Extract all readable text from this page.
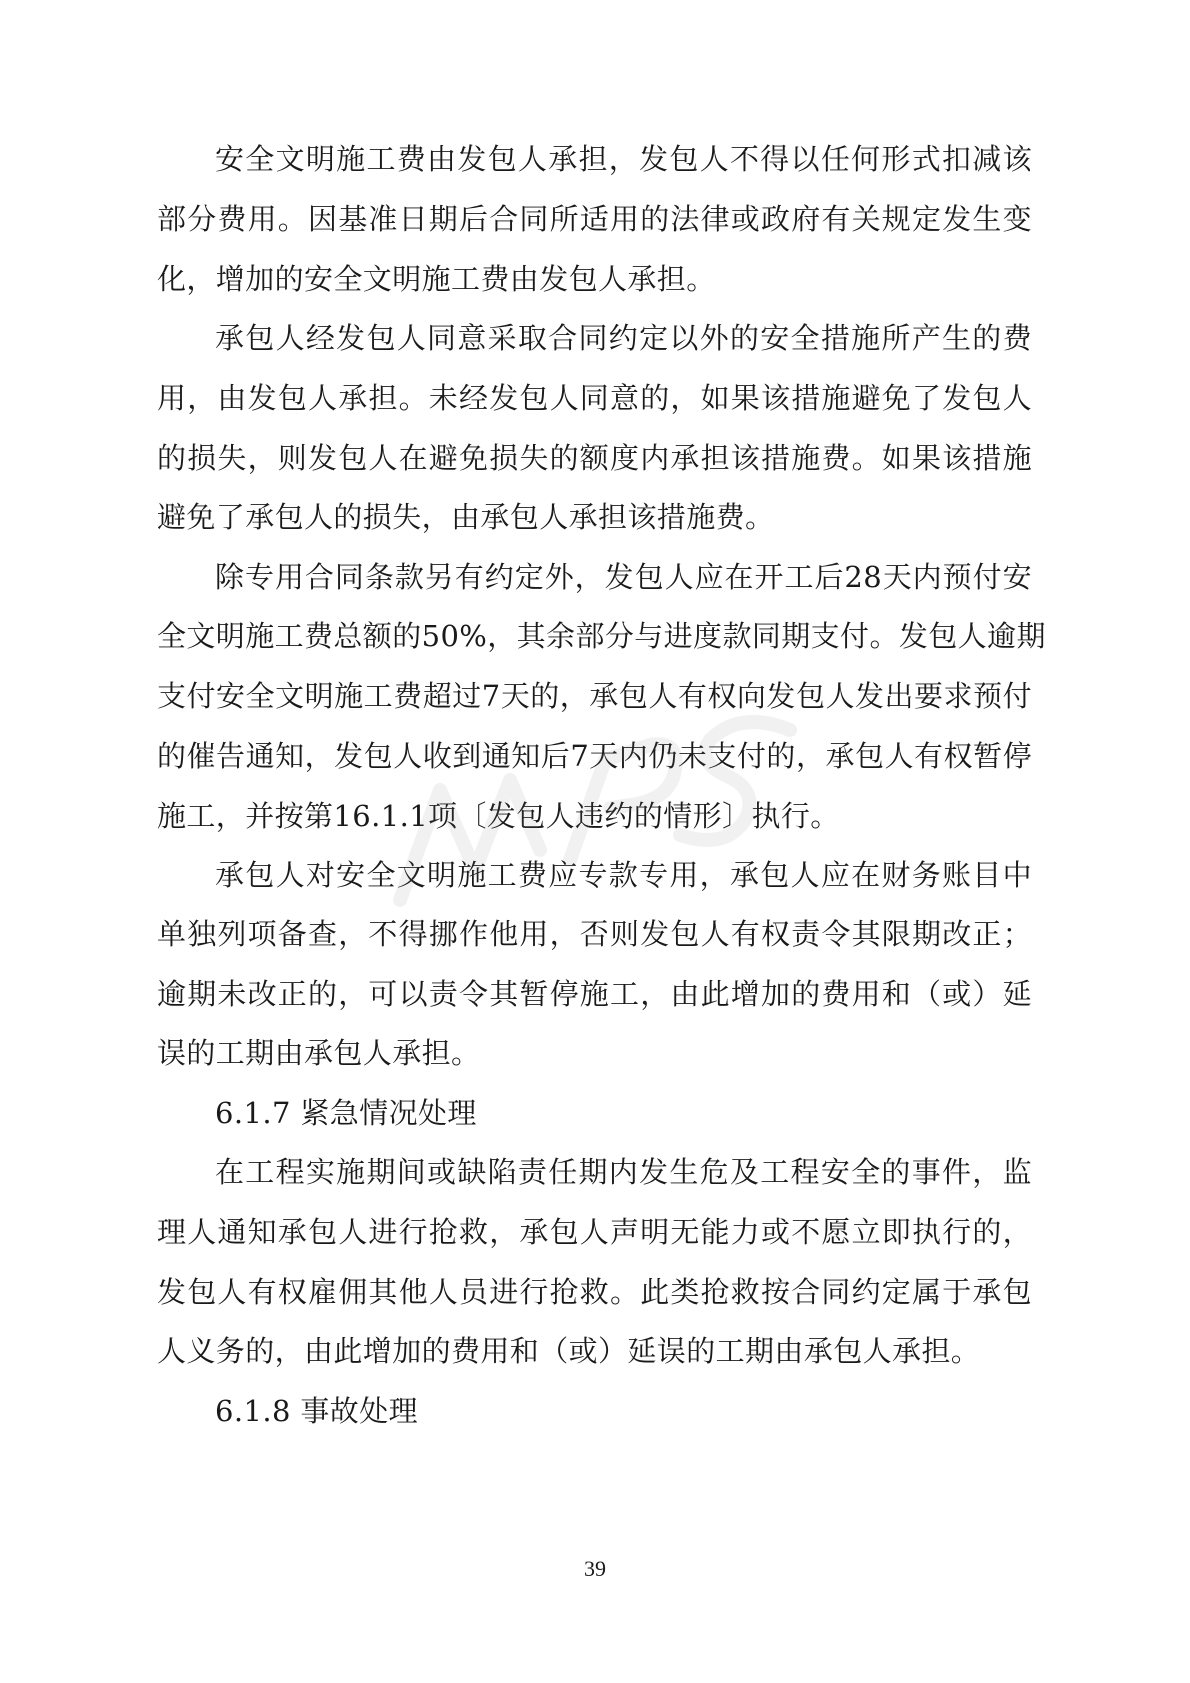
安全文明施工费由发包人承担，发包人不得以任何形式扣减该
部分费用。因基准日期后合同所适用的法律或政府有关规定发生变
化，增加的安全文明施工费由发包人承担。
承包人经发包人同意采取合同约定以外的安全措施所产生的费
用，由发包人承担。未经发包人同意的，如果该措施避免了发包人
的损失，则发包人在避免损失的额度内承担该措施费。如果该措施
避免了承包人的损失，由承包人承担该措施费。
除专用合同条款另有约定外，发包人应在开工后28天内预付安
全文明施工费总额的50%，其余部分与进度款同期支付。发包人逾期
支付安全文明施工费超过7天的，承包人有权向发包人发出要求预付
的催告通知，发包人收到通知后7天内仍未支付的，承包人有权暂停
施工，并按第16.1.1项〔发包人违约的情形〕执行。
承包人对安全文明施工费应专款专用，承包人应在财务账目中
单独列项备查，不得挪作他用，否则发包人有权责令其限期改正；
逾期未改正的，可以责令其暂停施工，由此增加的费用和（或）延
误的工期由承包人承担。
6.1.7 紧急情况处理
在工程实施期间或缺陷责任期内发生危及工程安全的事件，监
理人通知承包人进行抢救，承包人声明无能力或不愿立即执行的，
发包人有权雇佣其他人员进行抢救。此类抢救按合同约定属于承包
人义务的，由此增加的费用和（或）延误的工期由承包人承担。
6.1.8 事故处理
39
